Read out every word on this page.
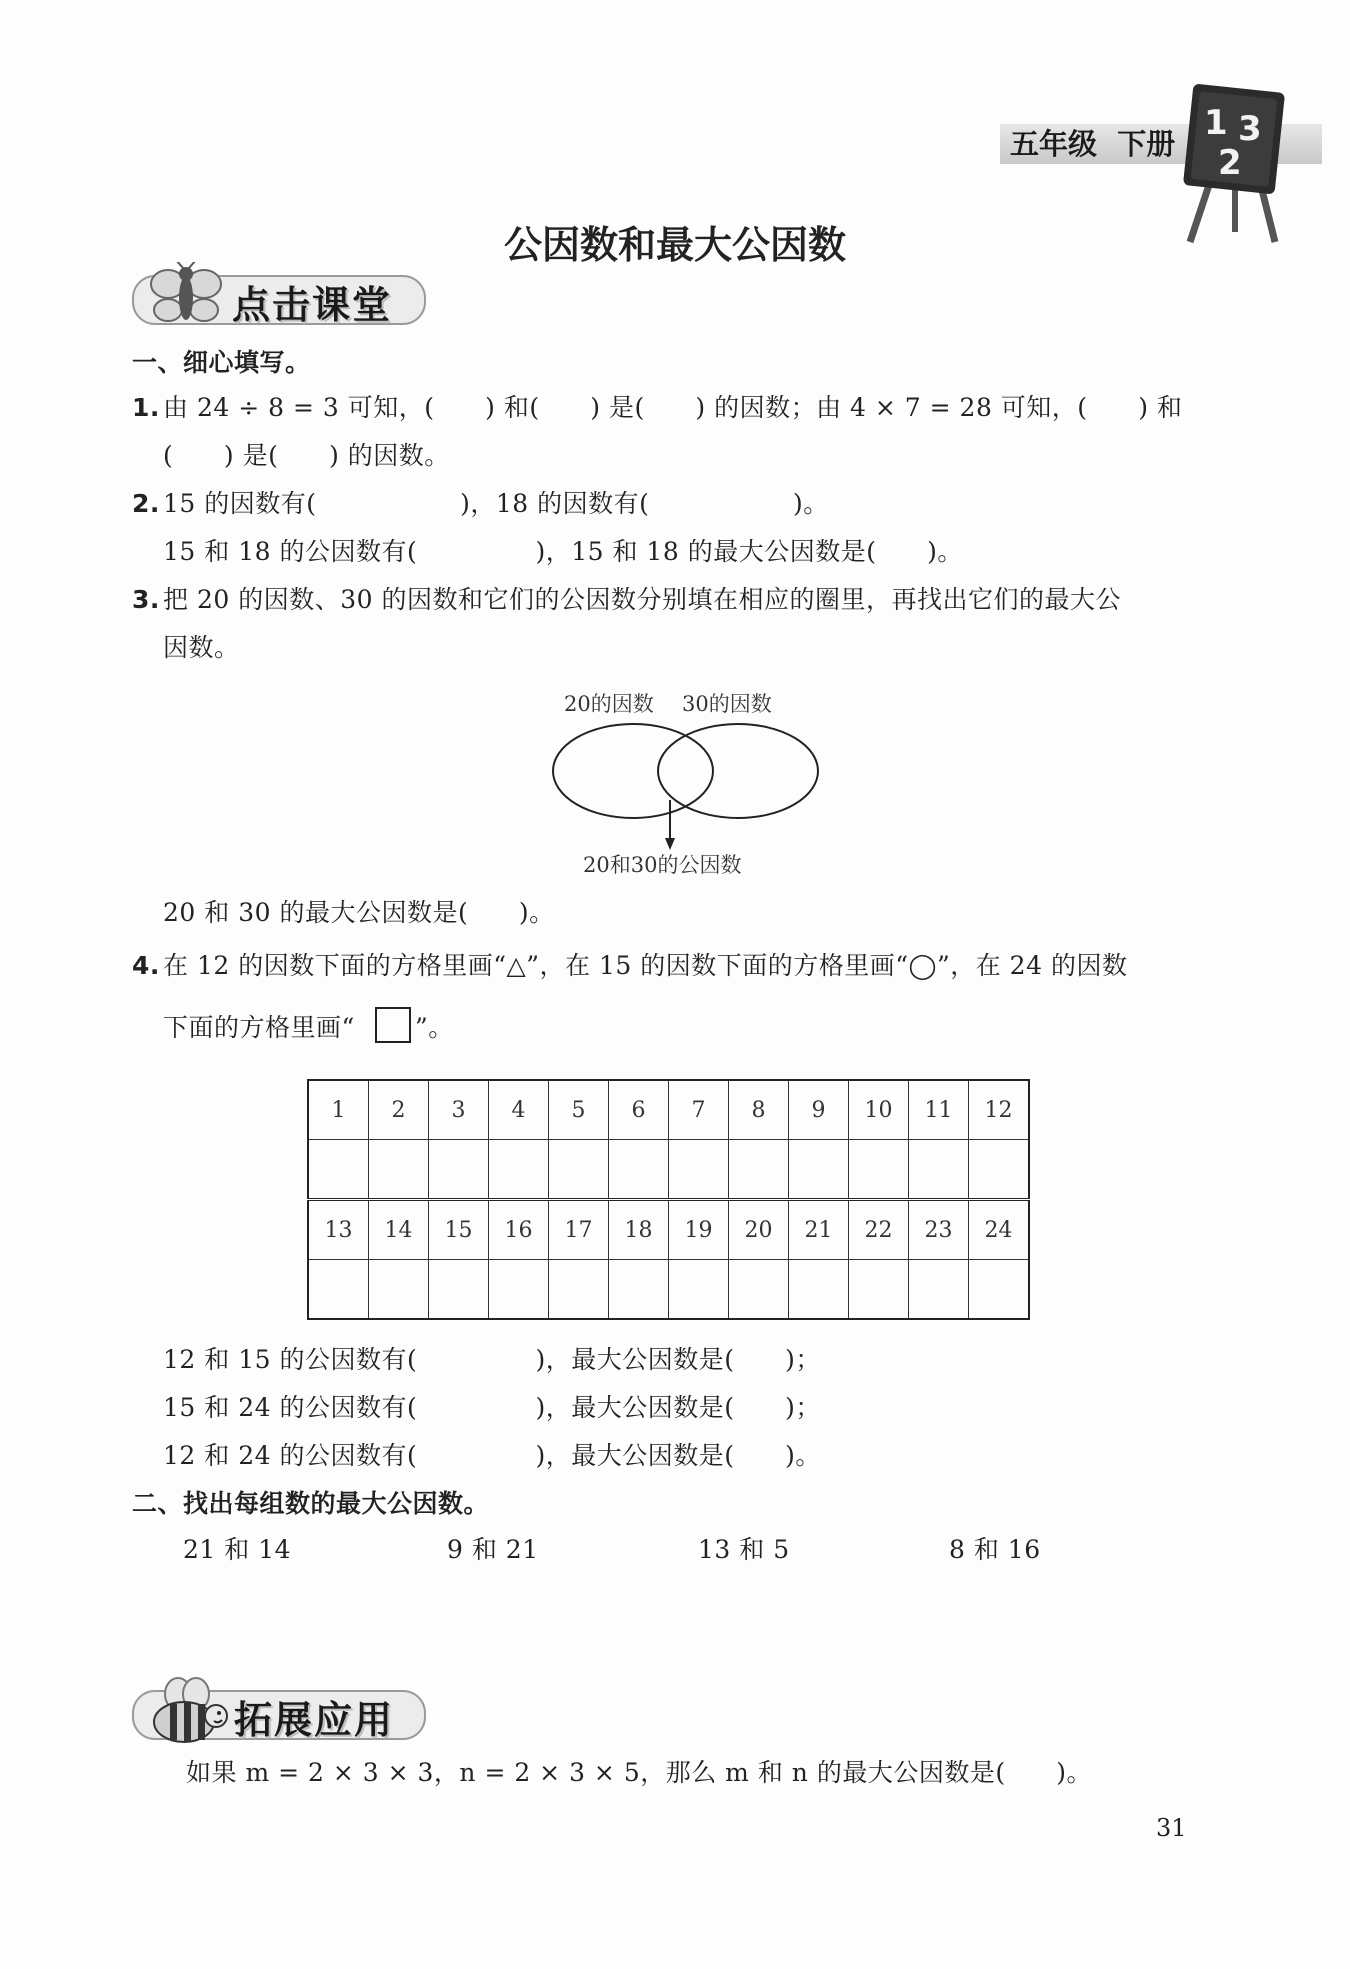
五年级  下册
1 3
2
公因数和最大公因数
点击课堂
一、细心填写。
1. 由 24 ÷ 8 = 3 可知，(      ) 和(      ) 是(      ) 的因数；由 4 × 7 = 28 可知，(      ) 和
(      ) 是(      ) 的因数。
2. 15 的因数有(                 )，18 的因数有(                 )。
15 和 18 的公因数有(              )，15 和 18 的最大公因数是(      )。
3. 把 20 的因数、30 的因数和它们的公因数分别填在相应的圈里，再找出它们的最大公
因数。
20的因数 30的因数
20和30的公因数
20 和 30 的最大公因数是(      )。
4. 在 12 的因数下面的方格里画“△”，在 15 的因数下面的方格里画“◯”，在 24 的因数
下面的方格里画“ ”。
1	2	3	4	5	6	7	8	9	10	11	12

13	14	15	16	17	18	19	20	21	22	23	24

12 和 15 的公因数有(              )，最大公因数是(      )；
15 和 24 的公因数有(              )，最大公因数是(      )；
12 和 24 的公因数有(              )，最大公因数是(      )。
二、找出每组数的最大公因数。
21 和 14	9 和 21	13 和 5	8 和 16
拓展应用
如果 m = 2 × 3 × 3，n = 2 × 3 × 5，那么 m 和 n 的最大公因数是(      )。
31
